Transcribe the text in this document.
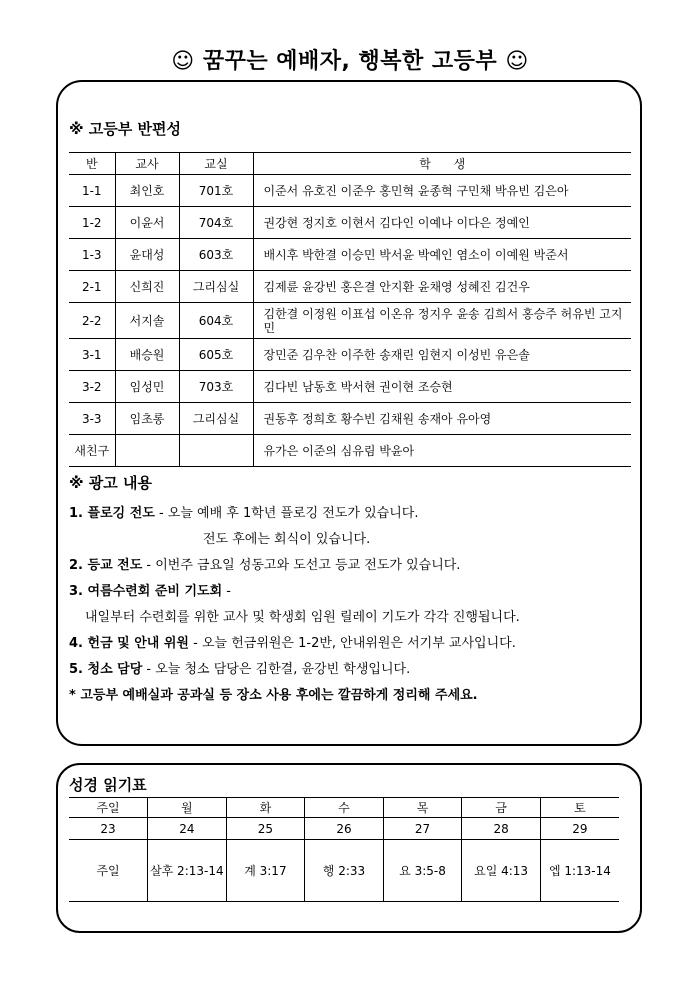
☺ 꿈꾸는 예배자, 행복한 고등부 ☺
※ 고등부 반편성
반	교사	교실	학      생
1-1	최인호	701호	이준서 유호진 이준우 홍민혁 윤종혁 구민채 박유빈 김은아
1-2	이윤서	704호	권강현 정지호 이현서 김다인 이예나 이다은 정예인
1-3	윤대성	603호	배시후 박한결 이승민 박서윤 박예인 염소이 이예원 박준서
2-1	신희진	그리심실	김제륜 윤강빈 홍은결 안지환 윤채영 성혜진 김건우
2-2	서지솔	604호	김한결 이정원 이표섭 이온유 정지우 윤송 김희서 홍승주 허유빈 고지민
3-1	배승원	605호	장민준 김우찬 이주한 송재린 임현지 이성빈 유은솔
3-2	임성민	703호	김다빈 남동호 박서현 권이현 조승현
3-3	임초롱	그리심실	권동후 정희호 황수빈 김채원 송재아 유아영
새친구			유가은 이준의 심유림 박윤아
※ 광고 내용
1. 플로깅 전도 - 오늘 예배 후 1학년 플로깅 전도가 있습니다.
전도 후에는 회식이 있습니다.
2. 등교 전도 - 이번주 금요일 성동고와 도선고 등교 전도가 있습니다.
3. 여름수련회 준비 기도회 -
내일부터 수련회를 위한 교사 및 학생회 임원 릴레이 기도가 각각 진행됩니다.
4. 헌금 및 안내 위원 - 오늘 헌금위원은 1-2반, 안내위원은 서기부 교사입니다.
5. 청소 담당 - 오늘 청소 담당은 김한결, 윤강빈 학생입니다.
* 고등부 예배실과 공과실 등 장소 사용 후에는 깔끔하게 정리해 주세요.
성경 읽기표
주일	월	화	수	목	금	토
23	24	25	26	27	28	29
주일	살후 2:13-14	계 3:17	행 2:33	요 3:5-8	요일 4:13	엡 1:13-14
